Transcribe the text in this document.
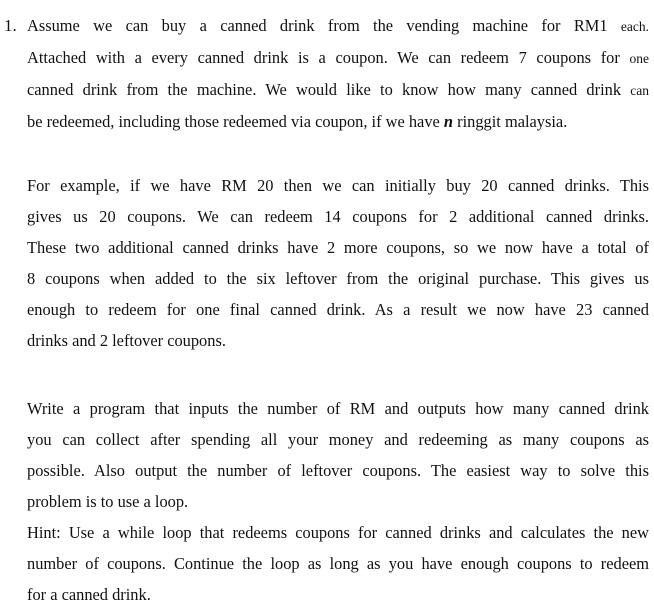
1. Assume we can buy a canned drink from the vending machine for RM1 each.
Attached with a every canned drink is a coupon. We can redeem 7 coupons for one
canned drink from the machine. We would like to know how many canned drink can
be redeemed, including those redeemed via coupon, if we have n ringgit malaysia.
For example, if we have RM 20 then we can initially buy 20 canned drinks. This
gives us 20 coupons. We can redeem 14 coupons for 2 additional canned drinks.
These two additional canned drinks have 2 more coupons, so we now have a total of
8 coupons when added to the six leftover from the original purchase. This gives us
enough to redeem for one final canned drink. As a result we now have 23 canned
drinks and 2 leftover coupons.
Write a program that inputs the number of RM and outputs how many canned drink
you can collect after spending all your money and redeeming as many coupons as
possible. Also output the number of leftover coupons. The easiest way to solve this
problem is to use a loop.
Hint: Use a while loop that redeems coupons for canned drinks and calculates the new
number of coupons. Continue the loop as long as you have enough coupons to redeem
for a canned drink.
